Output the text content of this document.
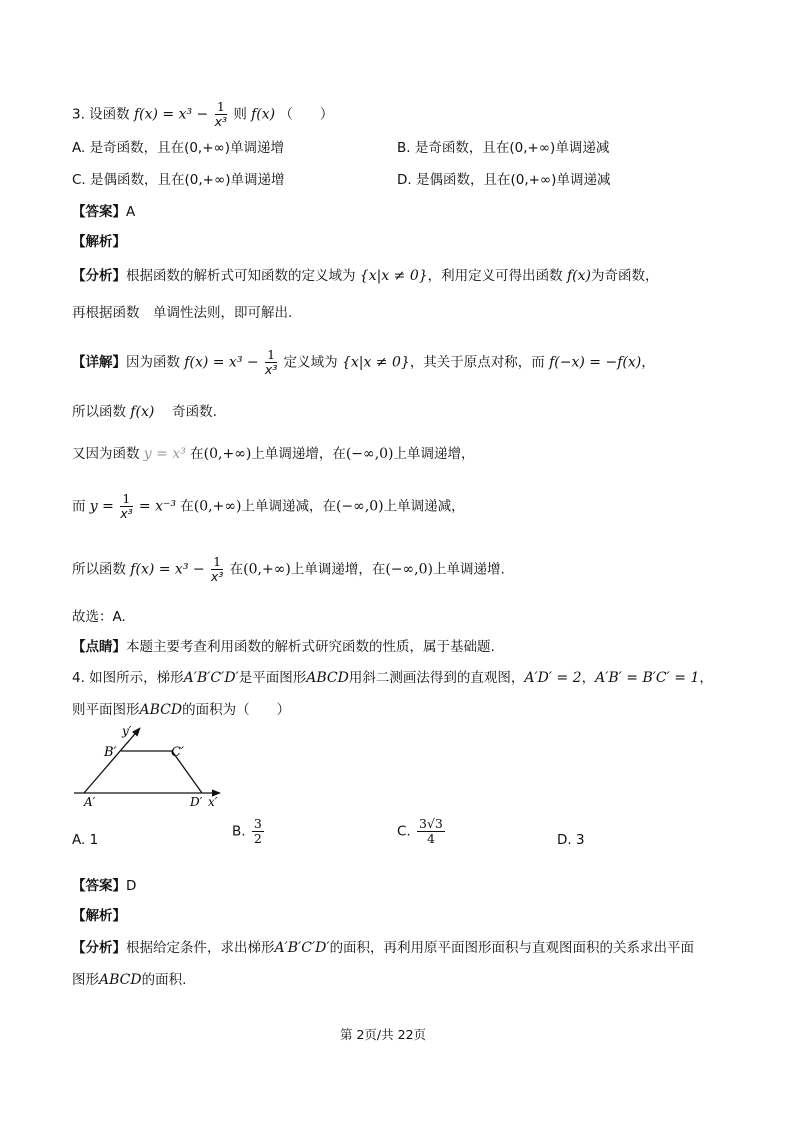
3. 设函数 $f(x) = x^3 - \frac{1}{\text{x³}}$ 则 f(x) （　　）
A. 是奇函数，且在(0,+∞)单调递增	B. 是奇函数，且在(0,+∞)单调递减
C. 是偶函数，且在(0,+∞)单调递增	D. 是偶函数，且在(0,+∞)单调递减
【答案】A
【解析】
【分析】根据函数的解析式可知函数的定义域为 {x|x ≠ 0}，利用定义可得出函数 f(x)为奇函数，
再根据函数　单调性法则，即可解出.
【详解】因为函数 $f(x) = x^3 - \frac{1}{\text{x³}}$ 定义域为 {x|x ≠ 0}，其关于原点对称，而 f(−x) = −f(x)，
所以函数 f(x) 　奇函数.
又因为函数 y = x³ 在(0,+∞)上单调递增，在(−∞,0)上单调递增，
而 $y = \frac{1}{\text{x³}} = x^{-3}$ 在(0,+∞)上单调递减，在(−∞,0)上单调递减，
所以函数 $f(x) = x^3 - \frac{1}{\text{x³}}$ 在(0,+∞)上单调递增，在(−∞,0)上单调递增.
故选：A.
【点睛】本题主要考查利用函数的解析式研究函数的性质，属于基础题.
4. 如图所示，梯形A′B′C′D′是平面图形ABCD用斜二测画法得到的直观图，A′D′ = 2，A′B′ = B′C′ = 1，
则平面图形ABCD的面积为（　　）
B′	C′
A′	D′ x′
y′
A. 1
B. $\frac{3}{2}$	C. $\frac{3√3}{4}$	D. 3
【答案】D
【解析】
【分析】根据给定条件，求出梯形A′B′C′D′的面积，再利用原平面图形面积与直观图面积的关系求出平面
图形ABCD的面积.
第 2页/共 22页
